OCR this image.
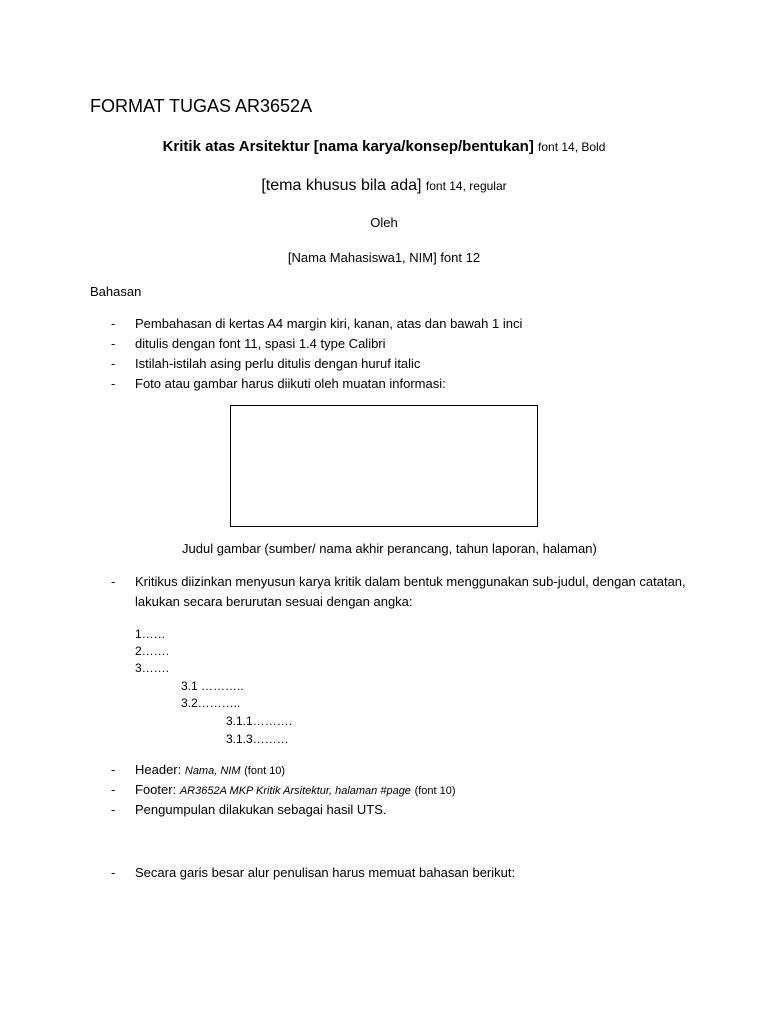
FORMAT TUGAS AR3652A
Kritik atas Arsitektur [nama karya/konsep/bentukan] font 14, Bold
[tema khusus bila ada] font 14, regular
Oleh
[Nama Mahasiswa1, NIM] font 12
Bahasan
- Pembahasan di kertas A4 margin kiri, kanan, atas dan bawah 1 inci
- ditulis dengan font 11, spasi 1.4 type Calibri
- Istilah-istilah asing perlu ditulis dengan huruf italic
- Foto atau gambar harus diikuti oleh muatan informasi:
Judul gambar (sumber/ nama akhir perancang, tahun laporan, halaman)
- Kritikus diizinkan menyusun karya kritik dalam bentuk menggunakan sub-judul, dengan catatan, lakukan secara berurutan sesuai dengan angka:
1……
2…….
3…….
3.1 ………..
3.2………..
3.1.1……….
3.1.3………
- Header: Nama, NIM (font 10)
- Footer: AR3652A MKP Kritik Arsitektur, halaman #page (font 10)
- Pengumpulan dilakukan sebagai hasil UTS.
- Secara garis besar alur penulisan harus memuat bahasan berikut:
